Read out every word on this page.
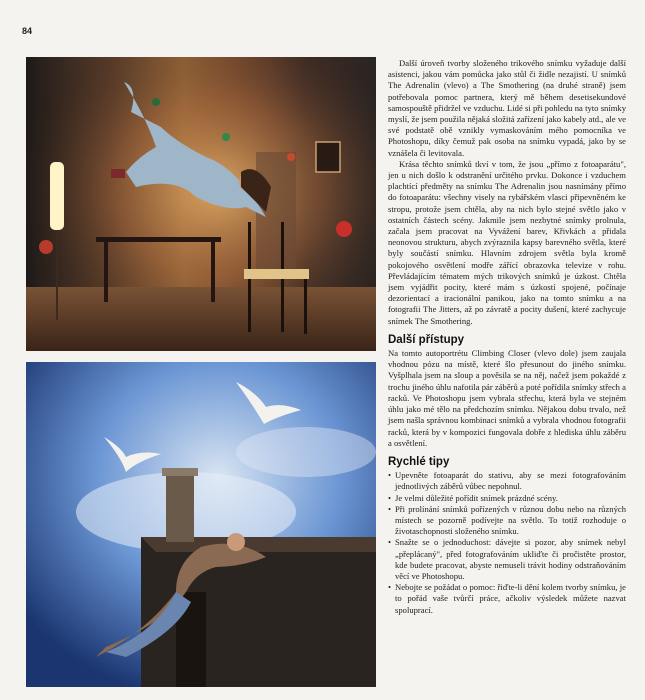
84

Další úroveň tvorby složeného trikového snímku vyžaduje další asistenci, jakou vám pomůcka jako stůl či židle nezajistí. U snímků The Adrenalin (vlevo) a The Smothering (na druhé straně) jsem potřebovala pomoc partnera, který mě během desetisekundové samospouště přidržel ve vzduchu. Lidé si při pohledu na tyto snímky myslí, že jsem použila nějaká složitá zařízení jako kabely atd., ale ve své podstatě obě vznikly vymaskováním mého pomocníka ve Photoshopu, díky čemuž pak osoba na snímku vypadá, jako by se vznášela či levitovala.

Krása těchto snímků tkví v tom, že jsou „přímo z fotoaparátu", jen u nich došlo k odstranění určitého prvku. Dokonce i vzduchem plachtící předměty na snímku The Adrenalin jsou nasnímány přímo do fotoaparátu: všechny visely na rybářském vlasci připevněném ke stropu, protože jsem chtěla, aby na nich bylo stejné světlo jako v ostatních částech scény. Jakmile jsem nezbytné snímky prolnula, začala jsem pracovat na Vyvážení barev, Křivkách a přidala neonovou strukturu, abych zvýraznila kapsy barevného světla, které byly součástí snímku. Hlavním zdrojem světla byla kromě pokojového osvětlení modře zářící obrazovka televize v rohu. Převládajícím tématem mých trikových snímků je úzkost. Chtěla jsem vyjádřit pocity, které mám s úzkostí spojené, počínaje dezorientací a iracionální panikou, jako na tomto snímku a na fotografii The Jitters, až po závratě a pocity dušení, které zachycuje snímek The Smothering.

Další přístupy

Na tomto autoportrétu Climbing Closer (vlevo dole) jsem zaujala vhodnou pózu na místě, které šlo přesunout do jiného snímku. Vyšplhala jsem na sloup a pověsila se na něj, načež jsem pokaždé z trochu jiného úhlu nafotila pár záběrů a poté pořídila snímky střech a racků. Ve Photoshopu jsem vybrala střechu, která byla ve stejném úhlu jako mé tělo na předchozím snímku. Nějakou dobu trvalo, než jsem našla správnou kombinaci snímků a vybrala vhodnou fotografii racků, která by v kompozici fungovala dobře z hlediska úhlu záběru a osvětlení.

Rychlé tipy
• Upevněte fotoaparát do stativu, aby se mezi fotografováním jednotlivých záběrů vůbec nepohnul.
• Je velmi důležité pořídit snímek prázdné scény.
• Při prolínání snímků pořízených v různou dobu nebo na různých místech se pozorně podívejte na světlo. To totiž rozhoduje o životaschopnosti složeného snímku.
• Snažte se o jednoduchost: dávejte si pozor, aby snímek nebyl „přeplácaný", před fotografováním ukliďte či pročistěte prostor, kde budete pracovat, abyste nemuseli trávit hodiny odstraňováním věcí ve Photoshopu.
• Nebojte se požádat o pomoc: řiďte-li dění kolem tvorby snímku, je to pořád vaše tvůrčí práce, ačkoliv výsledek můžete nazvat spoluprací.
